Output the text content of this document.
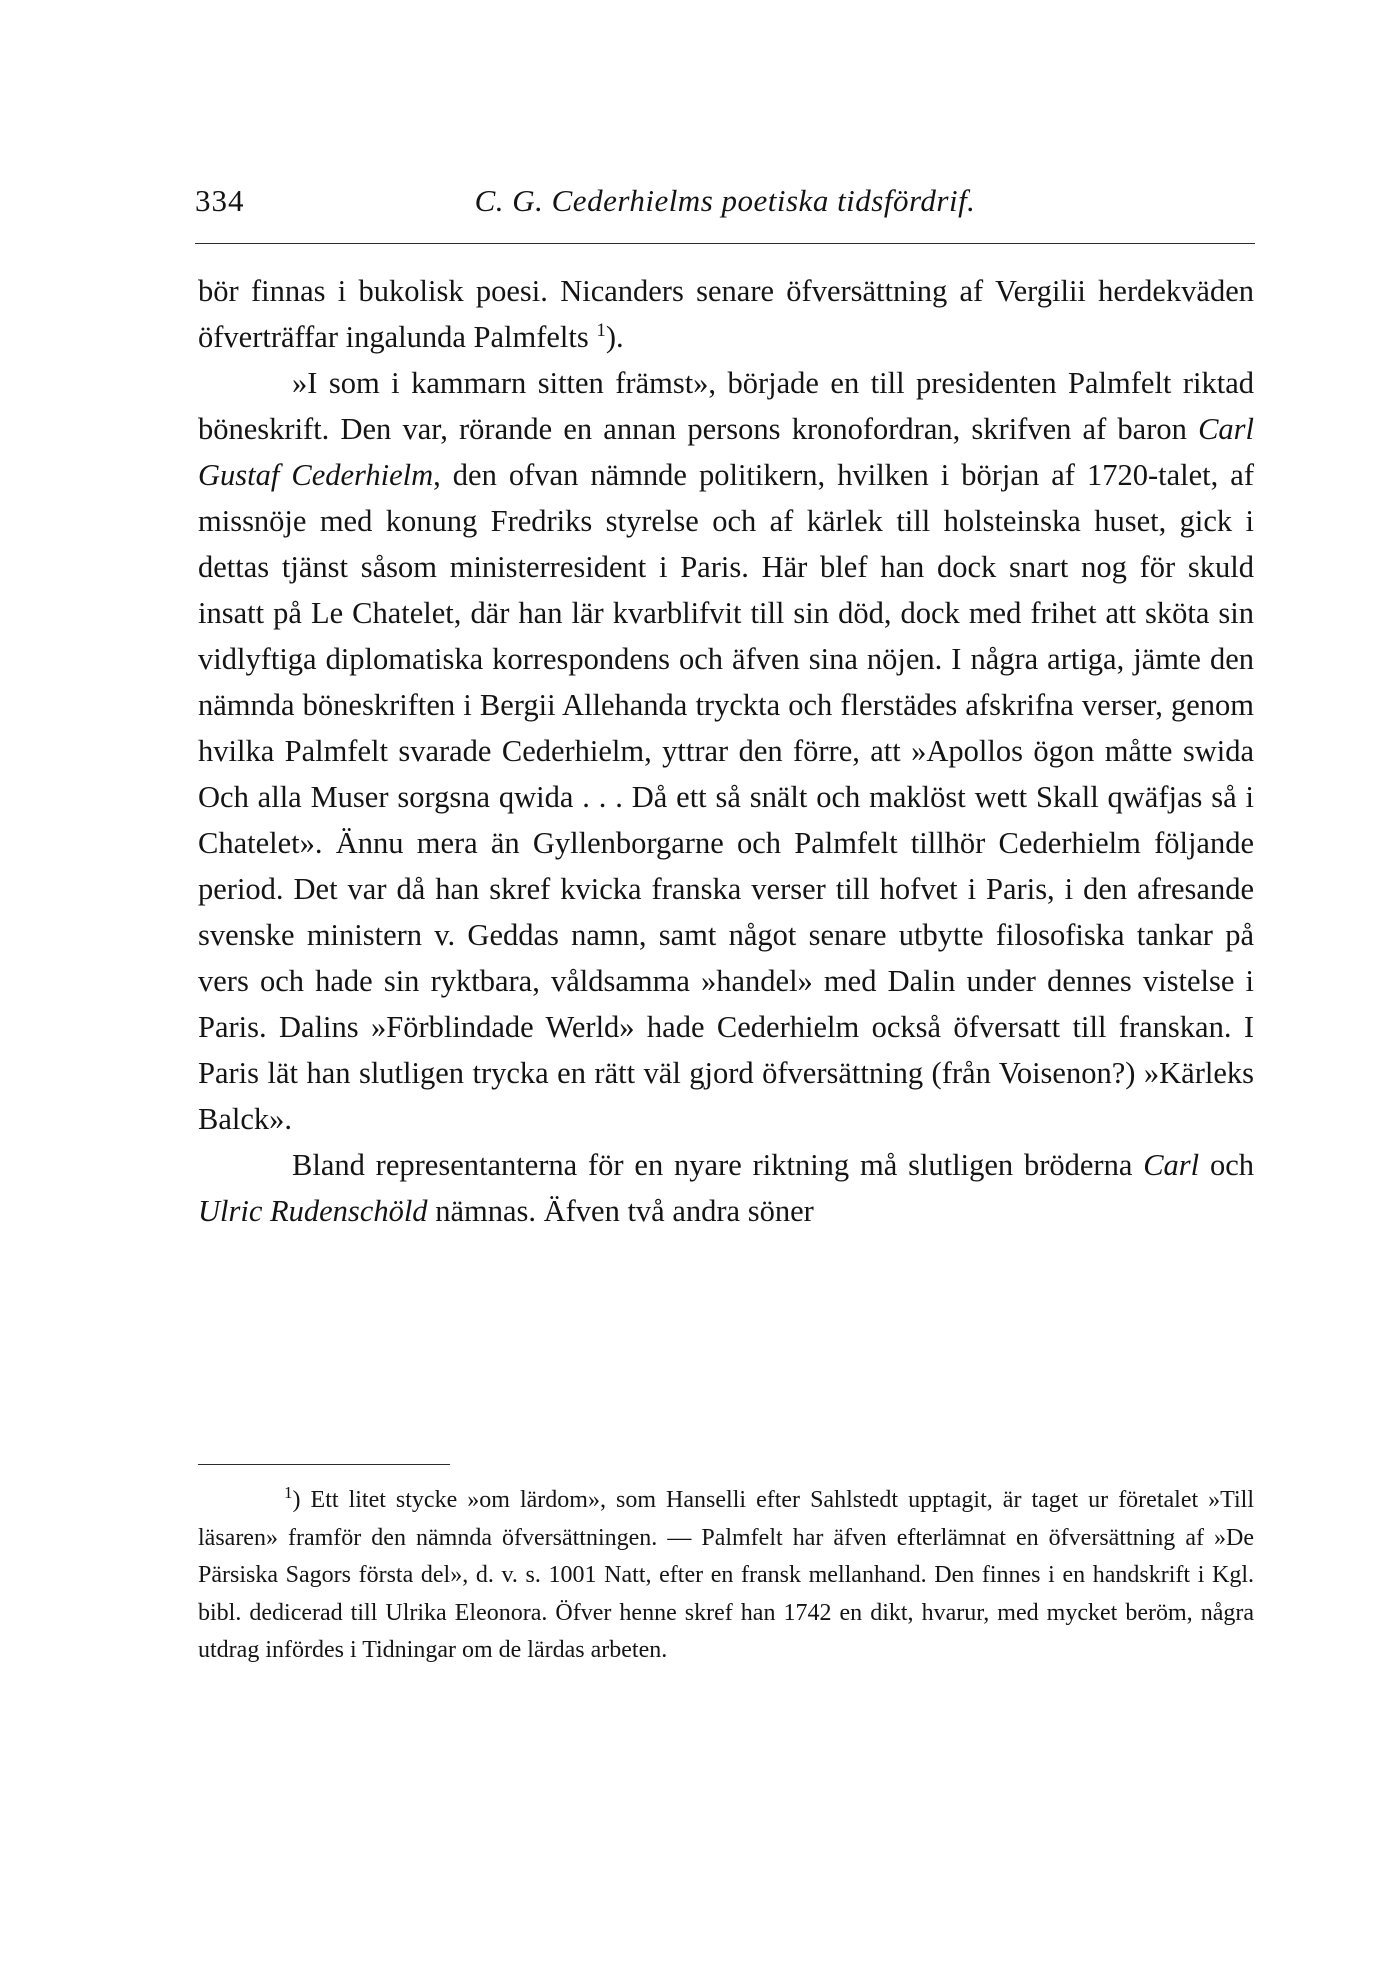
334	C. G. Cederhielms poetiska tidsfördrif.

bör finnas i bukolisk poesi. Nicanders senare öfversättning af Vergilii herdekväden öfverträffar ingalunda Palmfelts $^1$).

»I som i kammarn sitten främst», började en till presidenten Palmfelt riktad böneskrift. Den var, rörande en annan persons kronofordran, skrifven af baron Carl Gustaf Cederhielm, den ofvan nämnde politikern, hvilken i början af 1720-talet, af missnöje med konung Fredriks styrelse och af kärlek till holsteinska huset, gick i dettas tjänst såsom ministerresident i Paris. Här blef han dock snart nog för skuld insatt på Le Chatelet, där han lär kvarblifvit till sin död, dock med frihet att sköta sin vidlyftiga diplomatiska korrespondens och äfven sina nöjen. I några artiga, jämte den nämnda böneskriften i Bergii Allehanda tryckta och flerstädes afskrifna verser, genom hvilka Palmfelt svarade Cederhielm, yttrar den förre, att »Apollos ögon måtte swida Och alla Muser sorgsna qwida . . . Då ett så snält och maklöst wett Skall qwäfjas så i Chatelet». Ännu mera än Gyllenborgarne och Palmfelt tillhör Cederhielm följande period. Det var då han skref kvicka franska verser till hofvet i Paris, i den afresande svenske ministern v. Geddas namn, samt något senare utbytte filosofiska tankar på vers och hade sin ryktbara, våldsamma »handel» med Dalin under dennes vistelse i Paris. Dalins »Förblindade Werld» hade Cederhielm också öfversatt till franskan. I Paris lät han slutligen trycka en rätt väl gjord öfversättning (från Voisenon?) »Kärleks Balck».

Bland representanterna för en nyare riktning må slutligen bröderna Carl och Ulric Rudenschöld nämnas. Äfven två andra söner

$^1$) Ett litet stycke »om lärdom», som Hanselli efter Sahlstedt upptagit, är taget ur företalet »Till läsaren» framför den nämnda öfversättningen. — Palmfelt har äfven efterlämnat en öfversättning af »De Pärsiska Sagors första del», d. v. s. 1001 Natt, efter en fransk mellanhand. Den finnes i en handskrift i Kgl. bibl. dedicerad till Ulrika Eleonora. Öfver henne skref han 1742 en dikt, hvarur, med mycket beröm, några utdrag infördes i Tidningar om de lärdas arbeten.
